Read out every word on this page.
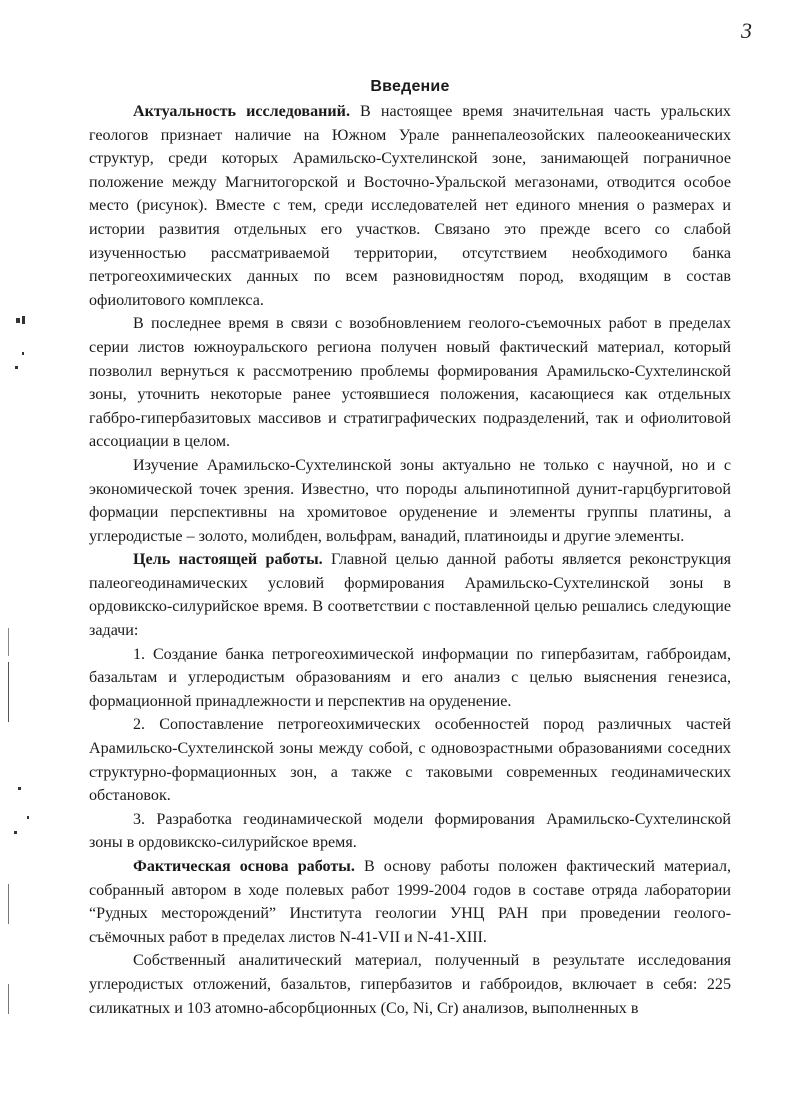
3
Введение

Актуальность исследований. В настоящее время значительная часть уральских геологов признает наличие на Южном Урале раннепалеозойских палеоокеанических структур, среди которых Арамильско-Сухтелинской зоне, занимающей пограничное положение между Магнитогорской и Восточно-Уральской мегазонами, отводится особое место (рисунок). Вместе с тем, среди исследователей нет единого мнения о размерах и истории развития отдельных его участков. Связано это прежде всего со слабой изученностью рассматриваемой территории, отсутствием необходимого банка петрогеохимических данных по всем разновидностям пород, входящим в состав офиолитового комплекса.

В последнее время в связи с возобновлением геолого-съемочных работ в пределах серии листов южноуральского региона получен новый фактический материал, который позволил вернуться к рассмотрению проблемы формирования Арамильско-Сухтелинской зоны, уточнить некоторые ранее устоявшиеся положения, касающиеся как отдельных габбро-гипербазитовых массивов и стратиграфических подразделений, так и офиолитовой ассоциации в целом.

Изучение Арамильско-Сухтелинской зоны актуально не только с научной, но и с экономической точек зрения. Известно, что породы альпинотипной дунит-гарцбургитовой формации перспективны на хромитовое оруденение и элементы группы платины, а углеродистые – золото, молибден, вольфрам, ванадий, платиноиды и другие элементы.

Цель настоящей работы. Главной целью данной работы является реконструкция палеогеодинамических условий формирования Арамильско-Сухтелинской зоны в ордовикско-силурийское время. В соответствии с поставленной целью решались следующие задачи:

1. Создание банка петрогеохимической информации по гипербазитам, габброидам, базальтам и углеродистым образованиям и его анализ с целью выяснения генезиса, формационной принадлежности и перспектив на оруденение.

2. Сопоставление петрогеохимических особенностей пород различных частей Арамильско-Сухтелинской зоны между собой, с одновозрастными образованиями соседних структурно-формационных зон, а также с таковыми современных геодинамических обстановок.

3. Разработка геодинамической модели формирования Арамильско-Сухтелинской зоны в ордовикско-силурийское время.

Фактическая основа работы. В основу работы положен фактический материал, собранный автором в ходе полевых работ 1999-2004 годов в составе отряда лаборатории “Рудных месторождений” Института геологии УНЦ РАН при проведении геолого-съёмочных работ в пределах листов N-41-VII и N-41-XIII.

Собственный аналитический материал, полученный в результате исследования углеродистых отложений, базальтов, гипербазитов и габброидов, включает в себя: 225 силикатных и 103 атомно-абсорбционных (Co, Ni, Cr) анализов, выполненных в
